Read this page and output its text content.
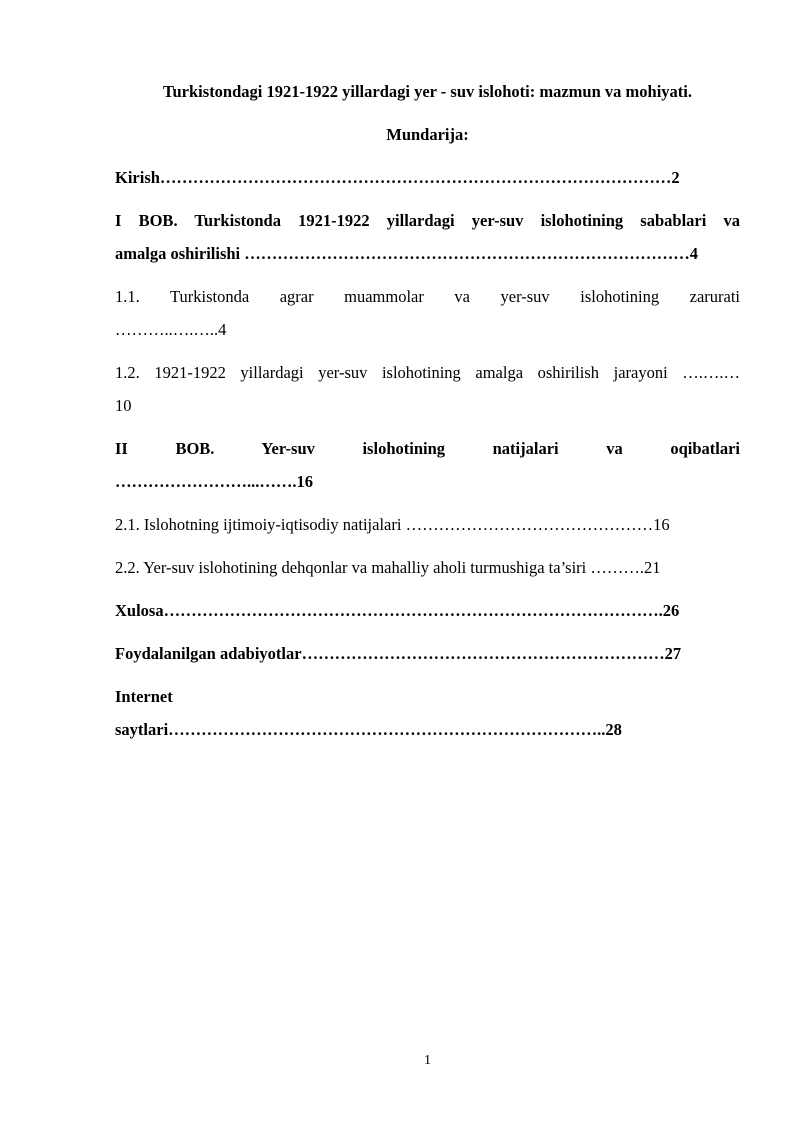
Turkistondagi 1921-1922 yillardagi yer - suv islohoti: mazmun va mohiyati.
Mundarija:

Kirish…………………………………………………………………………………2

I BOB. Turkistonda 1921-1922 yillardagi yer-suv islohotining sabablari va
amalga oshirilishi ………………………………………………………………………4

1.1. Turkistonda agrar muammolar va yer-suv islohotining zarurati
………..….…..4

1.2. 1921-1922 yillardagi yer-suv islohotining amalga oshirilish jarayoni ….….…
10

II BOB. Yer-suv islohotining natijalari va oqibatlari
……………………...…….16

2.1. Islohotning ijtimoiy-iqtisodiy natijalari ………………………………………16

2.2. Yer-suv islohotining dehqonlar va mahalliy aholi turmushiga ta’siri ……….21

Xulosa……………………………………………………………………………….26

Foydalanilgan adabiyotlar…………………………………………………………27

Internet
saytlari……………………………………………………………………..28

1
